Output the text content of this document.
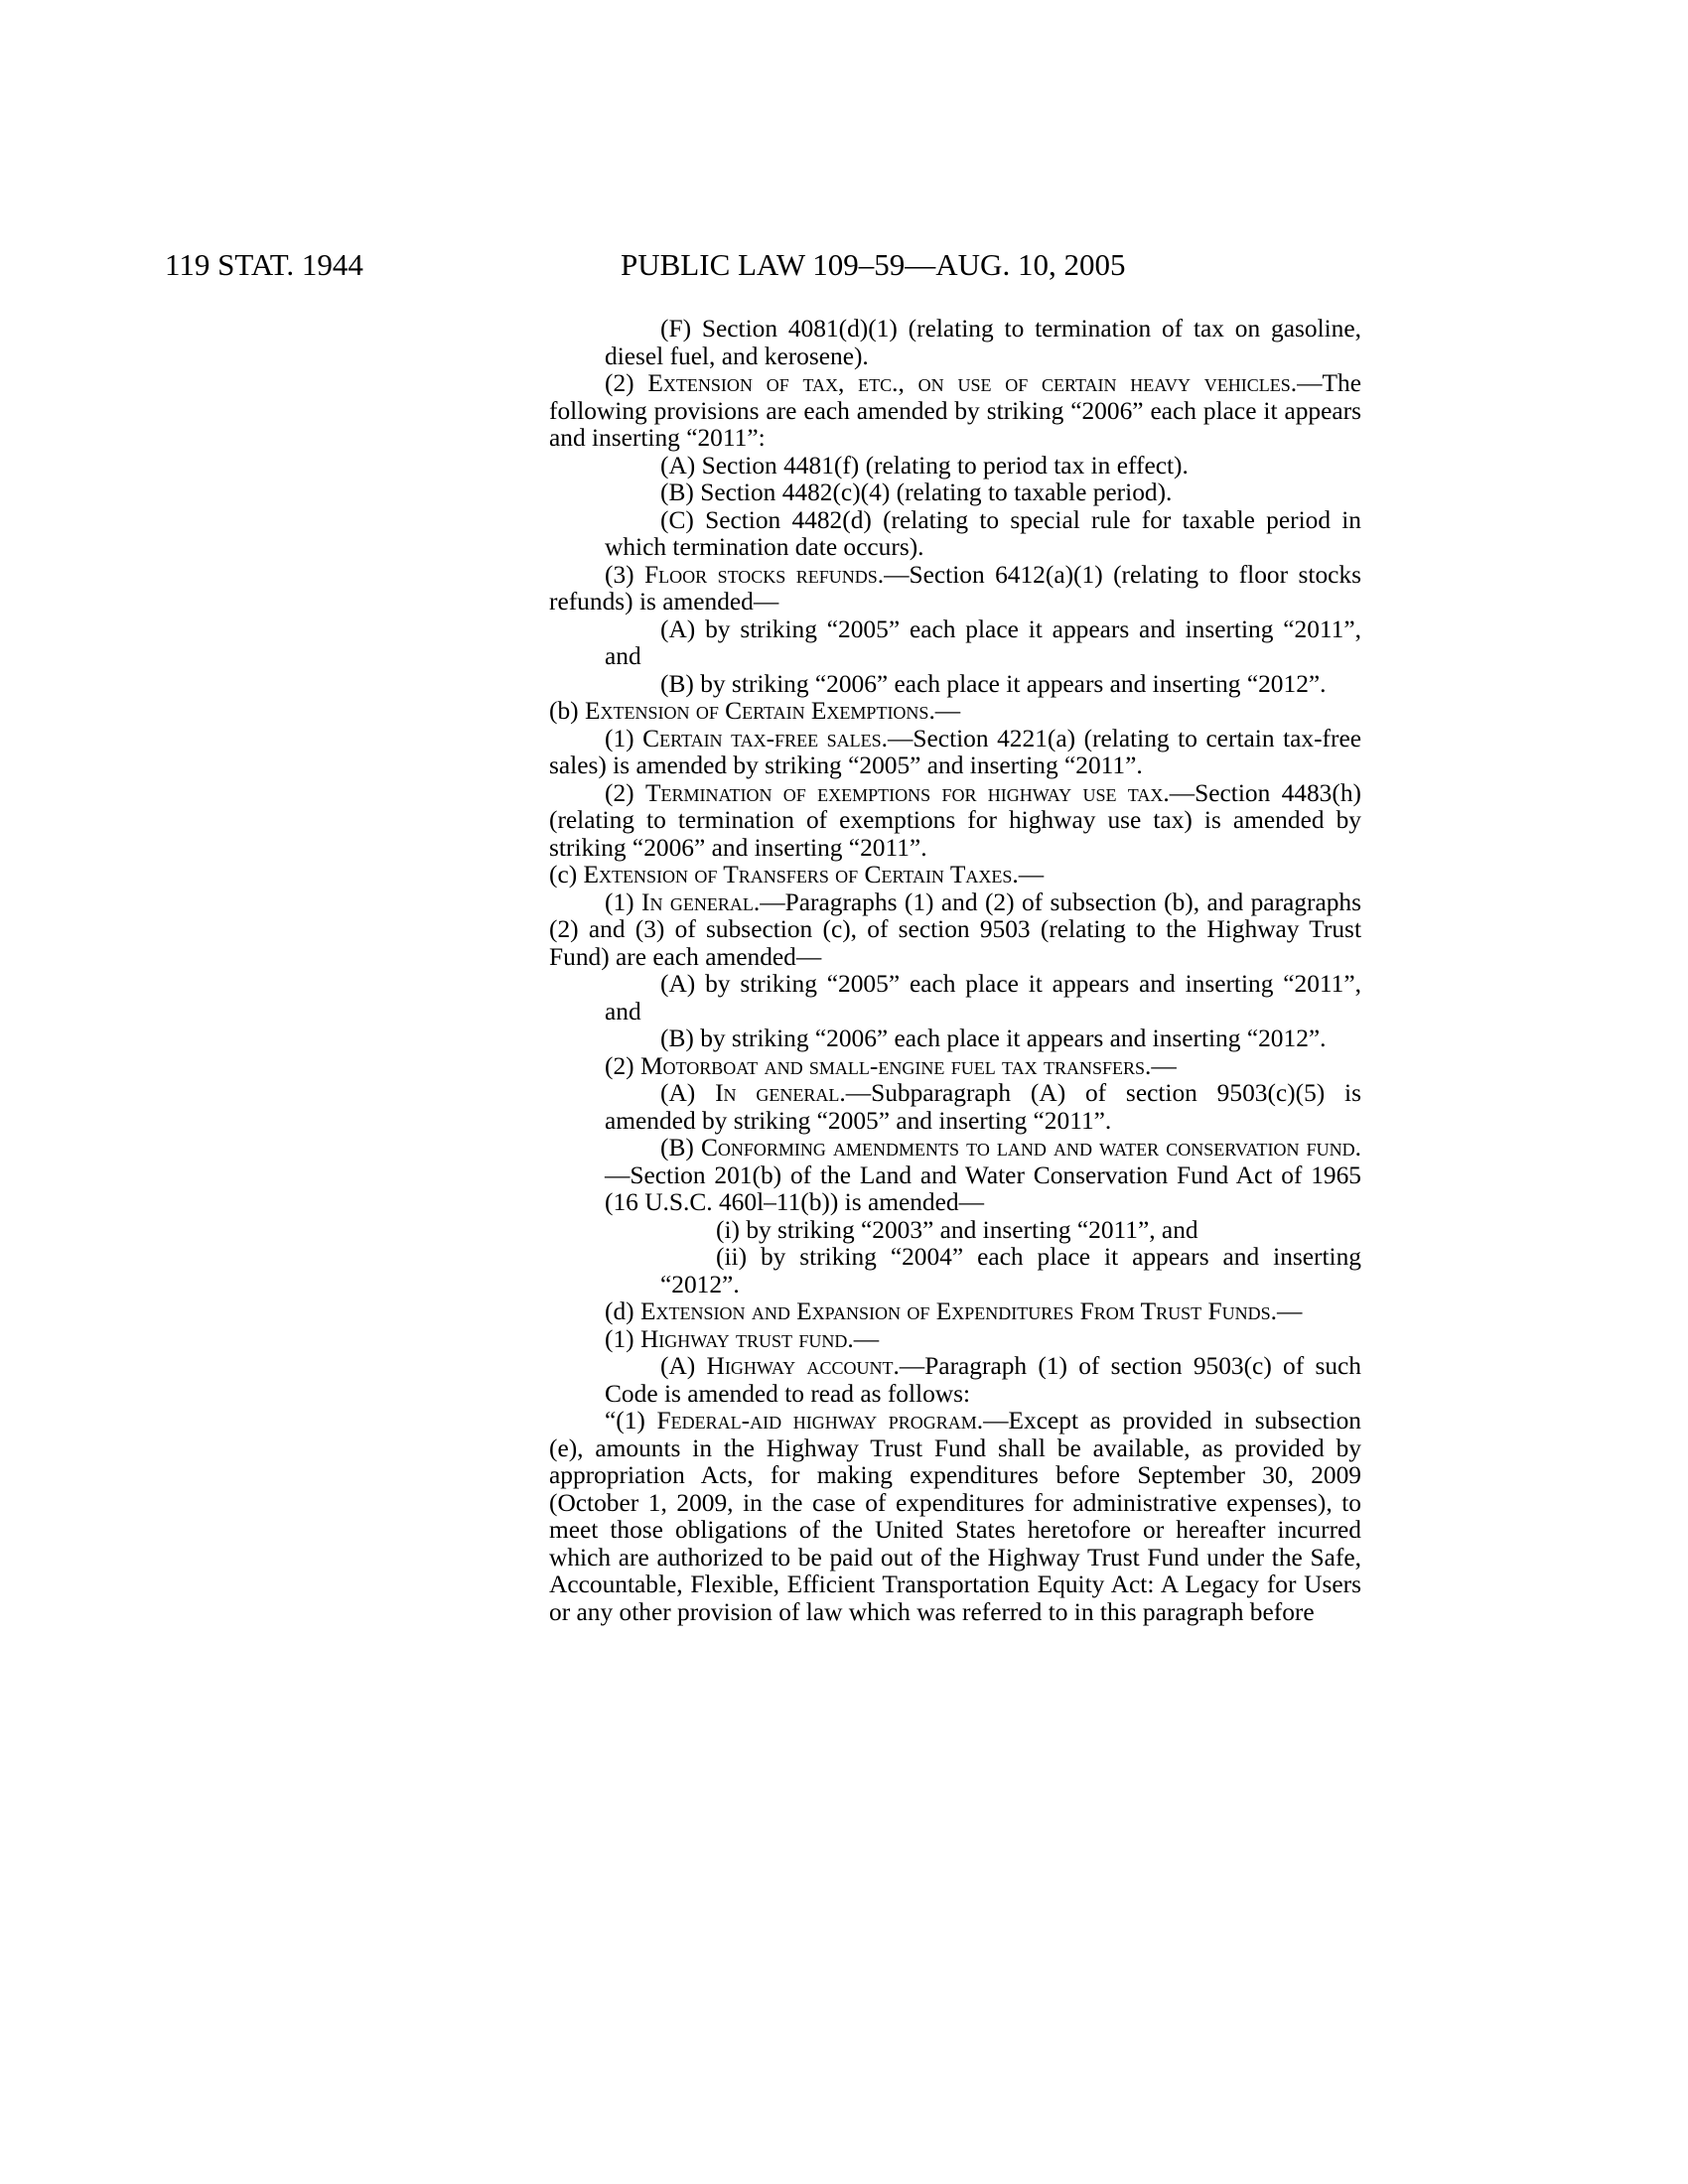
119 STAT. 1944	PUBLIC LAW 109–59—AUG. 10, 2005

(F) Section 4081(d)(1) (relating to termination of tax on gasoline, diesel fuel, and kerosene).

(2) Extension of tax, etc., on use of certain heavy vehicles.—The following provisions are each amended by striking “2006” each place it appears and inserting “2011”:

(A) Section 4481(f) (relating to period tax in effect).

(B) Section 4482(c)(4) (relating to taxable period).

(C) Section 4482(d) (relating to special rule for taxable period in which termination date occurs).

(3) Floor stocks refunds.—Section 6412(a)(1) (relating to floor stocks refunds) is amended—

(A) by striking “2005” each place it appears and inserting “2011”, and

(B) by striking “2006” each place it appears and inserting “2012”.

(b) Extension of Certain Exemptions.—

(1) Certain tax-free sales.—Section 4221(a) (relating to certain tax-free sales) is amended by striking “2005” and inserting “2011”.

(2) Termination of exemptions for highway use tax.—Section 4483(h) (relating to termination of exemptions for highway use tax) is amended by striking “2006” and inserting “2011”.

(c) Extension of Transfers of Certain Taxes.—

(1) In general.—Paragraphs (1) and (2) of subsection (b), and paragraphs (2) and (3) of subsection (c), of section 9503 (relating to the Highway Trust Fund) are each amended—

(A) by striking “2005” each place it appears and inserting “2011”, and

(B) by striking “2006” each place it appears and inserting “2012”.

(2) Motorboat and small-engine fuel tax transfers.—

(A) In general.—Subparagraph (A) of section 9503(c)(5) is amended by striking “2005” and inserting “2011”.

(B) Conforming amendments to land and water conservation fund.—Section 201(b) of the Land and Water Conservation Fund Act of 1965 (16 U.S.C. 460l–11(b)) is amended—

(i) by striking “2003” and inserting “2011”, and

(ii) by striking “2004” each place it appears and inserting “2012”.

(d) Extension and Expansion of Expenditures From Trust Funds.—

(1) Highway trust fund.—

(A) Highway account.—Paragraph (1) of section 9503(c) of such Code is amended to read as follows:

“(1) Federal-aid highway program.—Except as provided in subsection (e), amounts in the Highway Trust Fund shall be available, as provided by appropriation Acts, for making expenditures before September 30, 2009 (October 1, 2009, in the case of expenditures for administrative expenses), to meet those obligations of the United States heretofore or hereafter incurred which are authorized to be paid out of the Highway Trust Fund under the Safe, Accountable, Flexible, Efficient Transportation Equity Act: A Legacy for Users or any other provision of law which was referred to in this paragraph before
